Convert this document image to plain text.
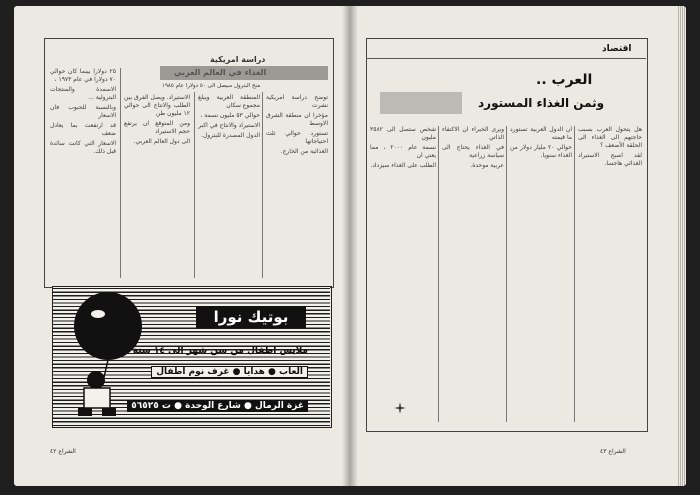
دراسة امريكية
الغذاء في العالم العربي
منح البترول سيصل الى ٥٠ دولارا عام ١٩٨٥

٢٥ دولارا بينما كان حوالي ٧٠ دولارا في عام ١٩٧٣ ،

الاسمدة والمنتجات البترولية ...

وبالنسبة للحبوب فان الاسعار

قد ارتفعت بما يعادل ضعف

الاسعار التي كانت سائدة قبل ذلك.

الاستيراد. ويصل الفرق بين الطلب والانتاج الى حوالي ١٢ مليون طن

ومن المتوقع ان يرتفع حجم الاستيراد

الى دول العالم العربي.

المنطقة العربية ويبلغ مجموع سكان

حوالي ٥٣ مليون نسمة ،

الاستيراد والانتاج في اكبر

الدول المصدرة للبترول.

توضح دراسة امريكية نشرت

مؤخرا ان منطقة الشرق الاوسط

تستورد حوالي ثلث احتياجاتها

الغذائية من الخارج.

بوتيك نورا
ملابس اطفال من سن شهر الى ١٤ سنة
العاب ● هدايا ● غرف نوم اطفال
غزة الرمال ● شارع الوحدة ● ت ٥٦٥٢٥
الشراع ٤٢
اقتصاد
العرب ..
وثمن الغذاء المستورد

هل يتحول العرب بسبب حاجتهم الى الغذاء الى الحلقة الأضعف ؟

لقد اصبح الاستيراد الغذائي هاجسا.

ان الدول العربية تستورد ما قيمته

حوالي ٢٠ مليار دولار من الغذاء سنويا.

ويرى الخبراء ان الاكتفاء الذاتي

في الغذاء يحتاج الى سياسة زراعية

عربية موحدة.

شخص ستصل الى ٣٥٨٢ مليون

نسمة عام ٢٠٠٠ ، مما يعني ان

الطلب على الغذاء سيزداد.

الشراع ٤٣
